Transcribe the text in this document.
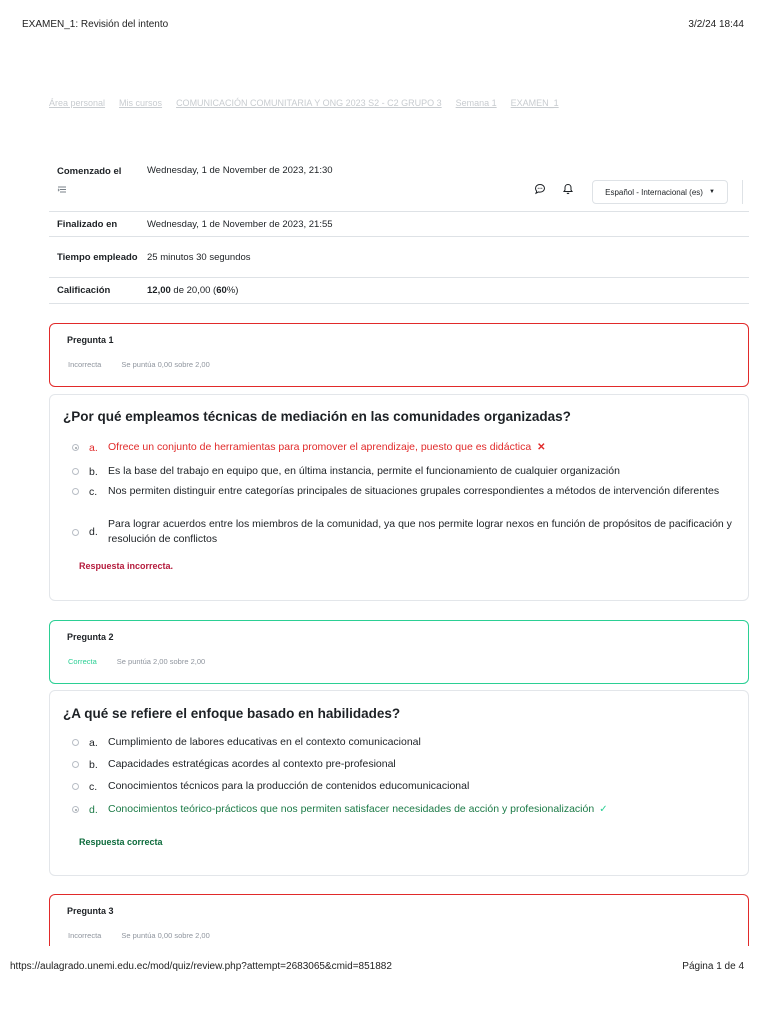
EXAMEN_1: Revisión del intento	3/2/24 18:44
Área personal Mis cursos COMUNICACIÓN COMUNITARIA Y ONG 2023 S2 - C2 GRUPO 3 Semana 1 EXAMEN_1
Comenzado el	Wednesday, 1 de November de 2023, 21:30
Finalizado en	Wednesday, 1 de November de 2023, 21:55
Tiempo empleado 25 minutos 30 segundos
Calificación	12,00 de 20,00 (60%)
Español - Internacional (es) ▼
Pregunta 1
Incorrecta	Se puntúa 0,00 sobre 2,00
¿Por qué empleamos técnicas de mediación en las comunidades organizadas?
a. Ofrece un conjunto de herramientas para promover el aprendizaje, puesto que es didáctica ✕
b. Es la base del trabajo en equipo que, en última instancia, permite el funcionamiento de cualquier organización
c.	Nos permiten distinguir entre categorías principales de situaciones grupales correspondientes a métodos de intervención diferentes
d.
Para lograr acuerdos entre los miembros de la comunidad, ya que nos permite lograr nexos en función de propósitos de pacificación y resolución de conflictos
Respuesta incorrecta.
Pregunta 2
Correcta	Se puntúa 2,00 sobre 2,00
¿A qué se refiere el enfoque basado en habilidades?
a. Cumplimiento de labores educativas en el contexto comunicacional
b. Capacidades estratégicas acordes al contexto pre-profesional
c.	Conocimientos técnicos para la producción de contenidos educomunicacional
d. Conocimientos teórico-prácticos que nos permiten satisfacer necesidades de acción y profesionalización ✓
Respuesta correcta
Pregunta 3
Incorrecta	Se puntúa 0,00 sobre 2,00
https://aulagrado.unemi.edu.ec/mod/quiz/review.php?attempt=2683065&cmid=851882	Página 1 de 4
